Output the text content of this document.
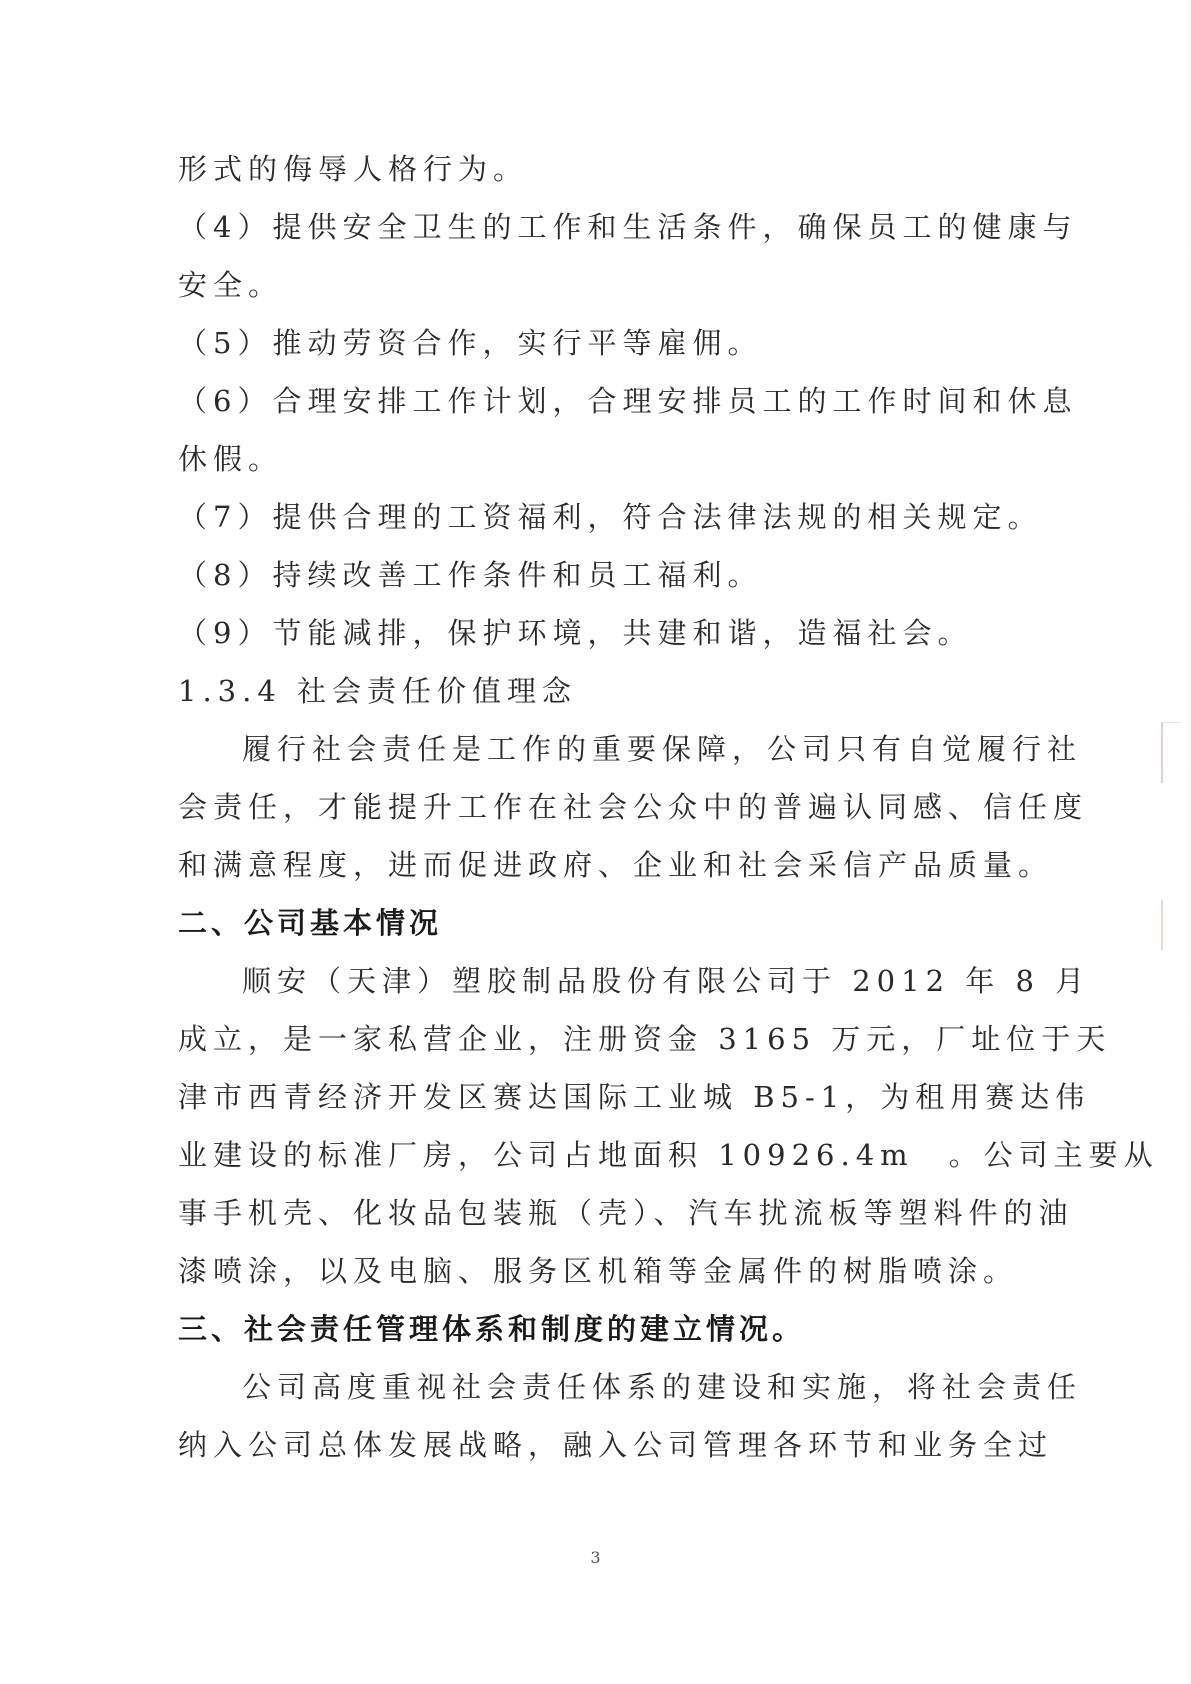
形式的侮辱人格行为。
（4）提供安全卫生的工作和生活条件，确保员工的健康与
安全。
（5）推动劳资合作，实行平等雇佣。
（6）合理安排工作计划，合理安排员工的工作时间和休息
休假。
（7）提供合理的工资福利，符合法律法规的相关规定。
（8）持续改善工作条件和员工福利。
（9）节能减排，保护环境，共建和谐，造福社会。
1.3.4 社会责任价值理念
履行社会责任是工作的重要保障，公司只有自觉履行社
会责任，才能提升工作在社会公众中的普遍认同感、信任度
和满意程度，进而促进政府、企业和社会采信产品质量。
二、公司基本情况
顺安（天津）塑胶制品股份有限公司于 2012 年 8 月
成立，是一家私营企业，注册资金 3165 万元，厂址位于天
津市西青经济开发区赛达国际工业城 B5-1，为租用赛达伟
业建设的标准厂房，公司占地面积 10926.4m　。公司主要从
事手机壳、化妆品包装瓶（壳）、汽车扰流板等塑料件的油
漆喷涂，以及电脑、服务区机箱等金属件的树脂喷涂。
三、社会责任管理体系和制度的建立情况。
公司高度重视社会责任体系的建设和实施，将社会责任
纳入公司总体发展战略，融入公司管理各环节和业务全过
3
